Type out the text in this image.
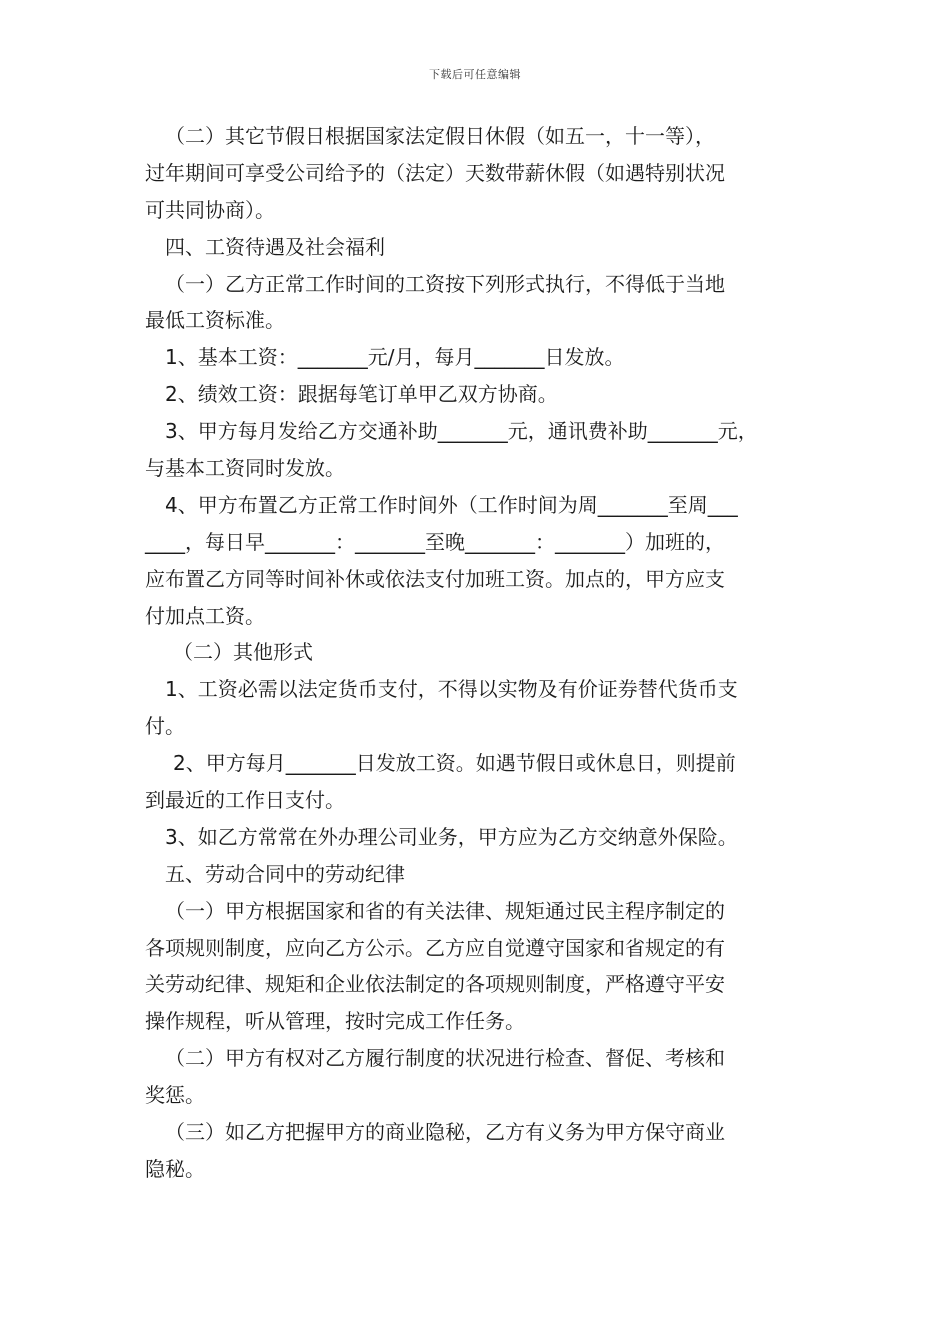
下载后可任意编辑
（二）其它节假日根据国家法定假日休假（如五一，十一等），
过年期间可享受公司给予的（法定）天数带薪休假（如遇特别状况
可共同协商）。
四、工资待遇及社会福利
（一）乙方正常工作时间的工资按下列形式执行，不得低于当地
最低工资标准。
1、基本工资：_______元/月，每月_______日发放。
2、绩效工资：跟据每笔订单甲乙双方协商。
3、甲方每月发给乙方交通补助_______元，通讯费补助_______元，
与基本工资同时发放。
4、甲方布置乙方正常工作时间外（工作时间为周_______至周___
____，每日早_______：_______至晚_______：_______）加班的，
应布置乙方同等时间补休或依法支付加班工资。加点的，甲方应支
付加点工资。
（二）其他形式
1、工资必需以法定货币支付，不得以实物及有价证券替代货币支
付。
2、甲方每月_______日发放工资。如遇节假日或休息日，则提前
到最近的工作日支付。
3、如乙方常常在外办理公司业务，甲方应为乙方交纳意外保险。
五、劳动合同中的劳动纪律
（一）甲方根据国家和省的有关法律、规矩通过民主程序制定的
各项规则制度，应向乙方公示。乙方应自觉遵守国家和省规定的有
关劳动纪律、规矩和企业依法制定的各项规则制度，严格遵守平安
操作规程，听从管理，按时完成工作任务。
（二）甲方有权对乙方履行制度的状况进行检查、督促、考核和
奖惩。
（三）如乙方把握甲方的商业隐秘，乙方有义务为甲方保守商业
隐秘。
